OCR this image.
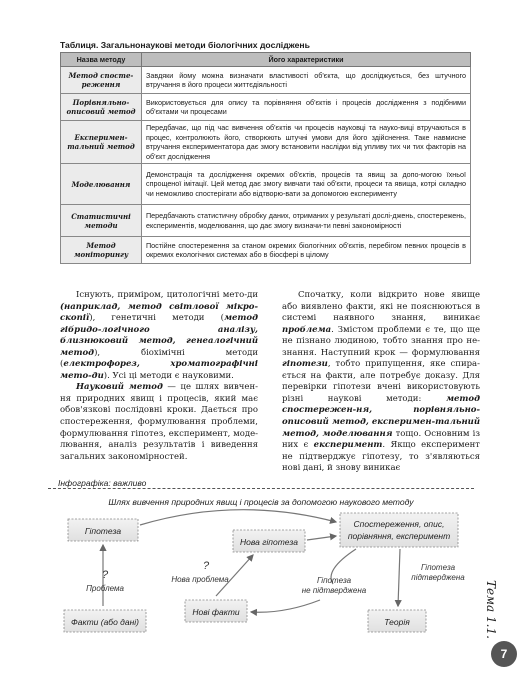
Таблиця. Загальнонаукові методи біологічних досліджень
Назва методу	Його характеристики
Метод спосте-реження	Завдяки йому можна визначати властивості об'єкта, що досліджується, без штучного втручання в його процеси життєдіяльності
Порівняльно-описовий метод	Використовується для опису та порівняння об'єктів і процесів дослідження з подібними об'єктами чи процесами
Експеримен-тальний метод	Передбачає, що під час вивчення об'єктів чи процесів науковці та науко-виці втручаються в процес, контролюють його, створюють штучні умови для його здійснення. Таке навмисне втручання експериментатора дає змогу встановити наслідки від упливу тих чи тих факторів на об'єкт дослідження
Моделювання	Демонстрація та дослідження окремих об'єктів, процесів та явищ за допо-могою їхньої спрощеної імітації. Цей метод дає змогу вивчати такі об'єкти, процеси та явища, котрі складно чи неможливо спостерігати або відтворю-вати за допомогою експерименту
Статистичні методи	Передбачають статистичну обробку даних, отриманих у результаті дослі-джень, спостережень, експериментів, моделювання, що дає змогу визначи-ти певні закономірності
Метод моніторингу	Постійне спостереження за станом окремих біологічних об'єктів, перебігом певних процесів в окремих екологічних системах або в біосфері в цілому

Існують, приміром, цитологічні мето-ди (наприклад, метод світлової мікро-скопії), генетичні методи (метод гібридо-логічного аналізу, близнюковий метод, генеалогічний метод), біохімічні методи (електрофорез, хроматографічні мето-ди). Усі ці методи є науковими.

Науковий метод — це шлях вивчен-ня природних явищ і процесів, який має обов'язкові послідовні кроки. Дається про спостереження, формулювання проблеми, формулювання гіпотез, експеримент, моде-лювання, аналіз результатів і виведення загальних закономірностей.

Спочатку, коли відкрито нове явище або виявлено факти, які не пояснюються в системі наявного знання, виникає проблема. Змістом проблеми є те, що ще не пізнано людиною, тобто знання про не-знання. Наступний крок — формулювання гіпотези, тобто припущення, яке спира-ється на факти, але потребує доказу. Для перевірки гіпотези вчені використовують різні наукові методи: метод спостережен-ня, порівняльно-описовий метод, експеримен-тальний метод, моделювання тощо. Основним із них є експеримент. Якщо експеримент не підтверджує гіпотезу, то з'являються нові дані, й знову виникає

Інфографіка: важливо
Шлях вивчення природних явищ і процесів за допомогою наукового методу
Гіпотеза
Нова гіпотеза
Спостереження, опис,
порівняння, експеримент
Факти (або дані)
Нові факти
Теорія
?
Проблема
?
Нова проблема	Гіпотеза
не підтверджена
Гіпотеза
підтверджена
Тема 1.1.
7
